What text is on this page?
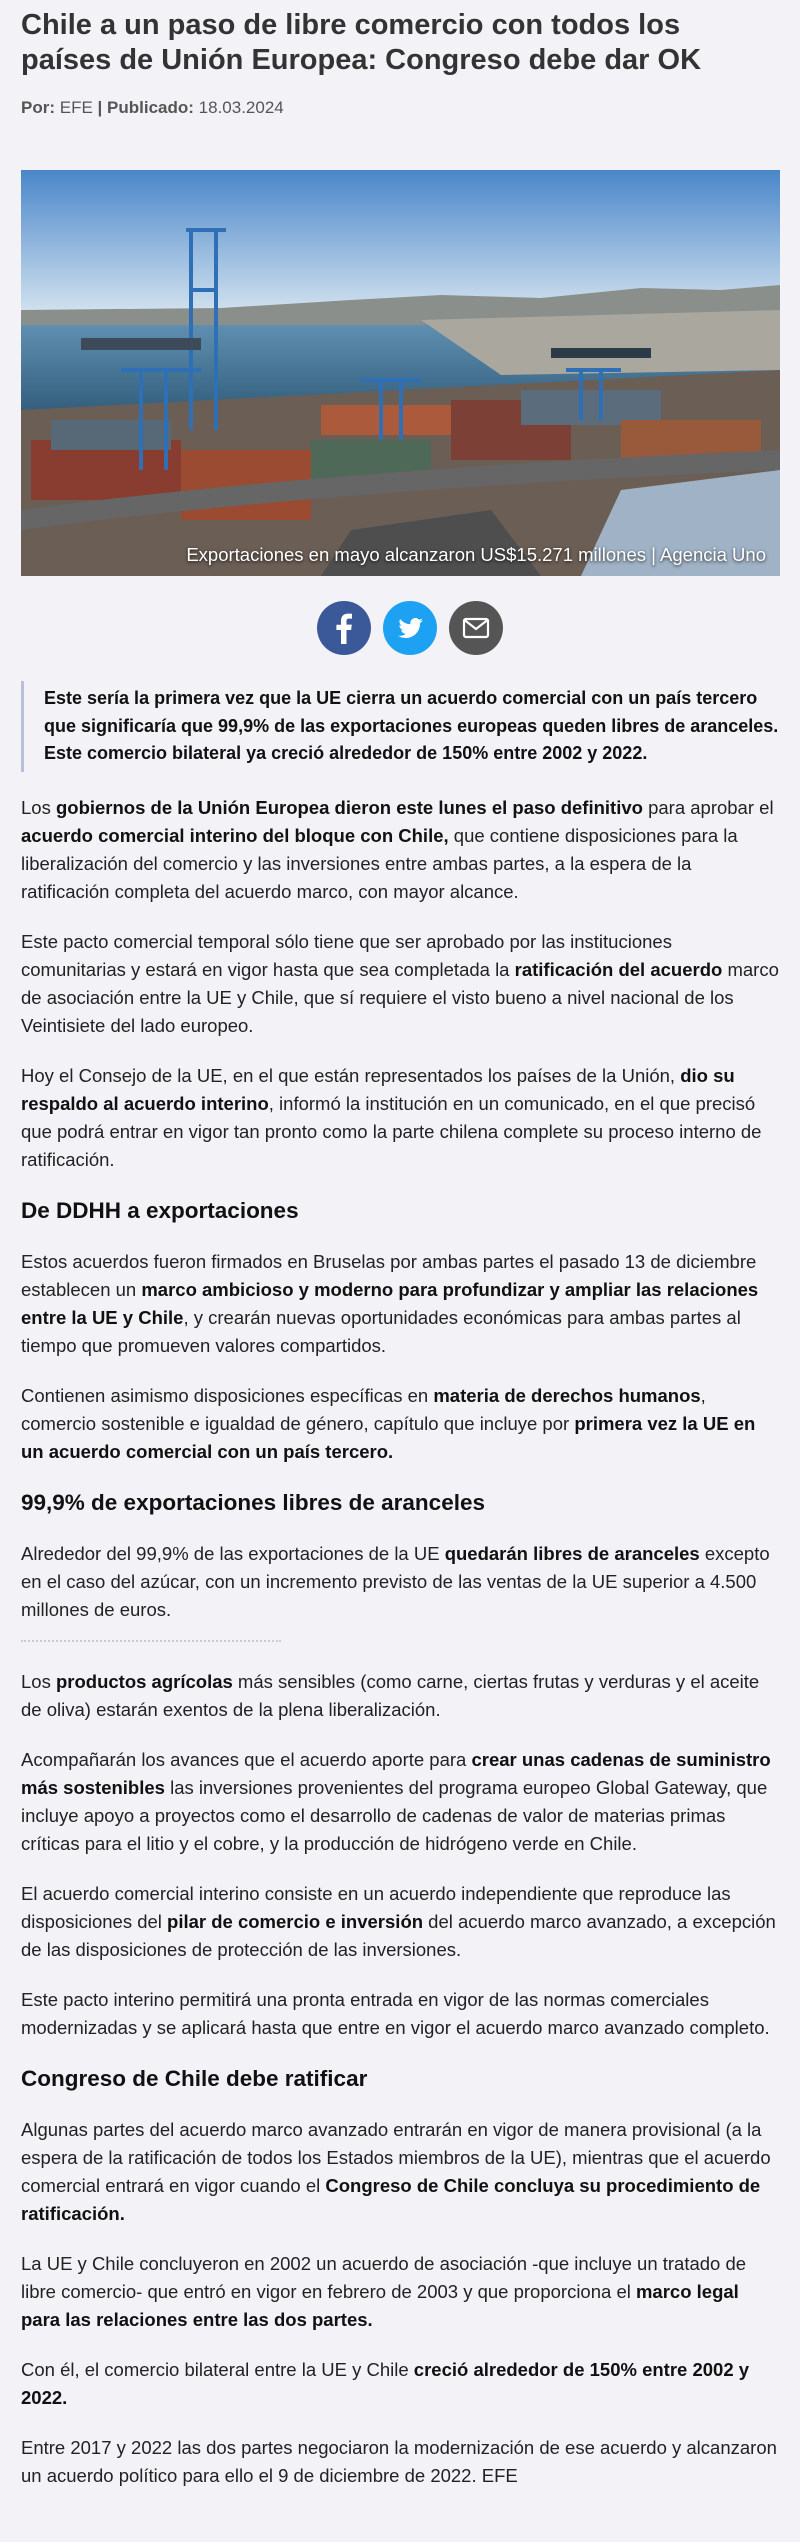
Chile a un paso de libre comercio con todos los países de Unión Europea: Congreso debe dar OK
Por: EFE | Publicado: 18.03.2024
Exportaciones en mayo alcanzaron US$15.271 millones | Agencia Uno
Este sería la primera vez que la UE cierra un acuerdo comercial con un país tercero que significaría que 99,9% de las exportaciones europeas queden libres de aranceles. Este comercio bilateral ya creció alrededor de 150% entre 2002 y 2022.

Los gobiernos de la Unión Europea dieron este lunes el paso definitivo para aprobar el acuerdo comercial interino del bloque con Chile, que contiene disposiciones para la liberalización del comercio y las inversiones entre ambas partes, a la espera de la ratificación completa del acuerdo marco, con mayor alcance.

Este pacto comercial temporal sólo tiene que ser aprobado por las instituciones comunitarias y estará en vigor hasta que sea completada la ratificación del acuerdo marco de asociación entre la UE y Chile, que sí requiere el visto bueno a nivel nacional de los Veintisiete del lado europeo.

Hoy el Consejo de la UE, en el que están representados los países de la Unión, dio su respaldo al acuerdo interino, informó la institución en un comunicado, en el que precisó que podrá entrar en vigor tan pronto como la parte chilena complete su proceso interno de ratificación.

De DDHH a exportaciones

Estos acuerdos fueron firmados en Bruselas por ambas partes el pasado 13 de diciembre establecen un marco ambicioso y moderno para profundizar y ampliar las relaciones entre la UE y Chile, y crearán nuevas oportunidades económicas para ambas partes al tiempo que promueven valores compartidos.

Contienen asimismo disposiciones específicas en materia de derechos humanos, comercio sostenible e igualdad de género, capítulo que incluye por primera vez la UE en un acuerdo comercial con un país tercero.

99,9% de exportaciones libres de aranceles

Alrededor del 99,9% de las exportaciones de la UE quedarán libres de aranceles excepto en el caso del azúcar, con un incremento previsto de las ventas de la UE superior a 4.500 millones de euros.

Los productos agrícolas más sensibles (como carne, ciertas frutas y verduras y el aceite de oliva) estarán exentos de la plena liberalización.

Acompañarán los avances que el acuerdo aporte para crear unas cadenas de suministro más sostenibles las inversiones provenientes del programa europeo Global Gateway, que incluye apoyo a proyectos como el desarrollo de cadenas de valor de materias primas críticas para el litio y el cobre, y la producción de hidrógeno verde en Chile.

El acuerdo comercial interino consiste en un acuerdo independiente que reproduce las disposiciones del pilar de comercio e inversión del acuerdo marco avanzado, a excepción de las disposiciones de protección de las inversiones.

Este pacto interino permitirá una pronta entrada en vigor de las normas comerciales modernizadas y se aplicará hasta que entre en vigor el acuerdo marco avanzado completo.

Congreso de Chile debe ratificar

Algunas partes del acuerdo marco avanzado entrarán en vigor de manera provisional (a la espera de la ratificación de todos los Estados miembros de la UE), mientras que el acuerdo comercial entrará en vigor cuando el Congreso de Chile concluya su procedimiento de ratificación.

La UE y Chile concluyeron en 2002 un acuerdo de asociación -que incluye un tratado de libre comercio- que entró en vigor en febrero de 2003 y que proporciona el marco legal para las relaciones entre las dos partes.

Con él, el comercio bilateral entre la UE y Chile creció alrededor de 150% entre 2002 y 2022.

Entre 2017 y 2022 las dos partes negociaron la modernización de ese acuerdo y alcanzaron un acuerdo político para ello el 9 de diciembre de 2022. EFE
